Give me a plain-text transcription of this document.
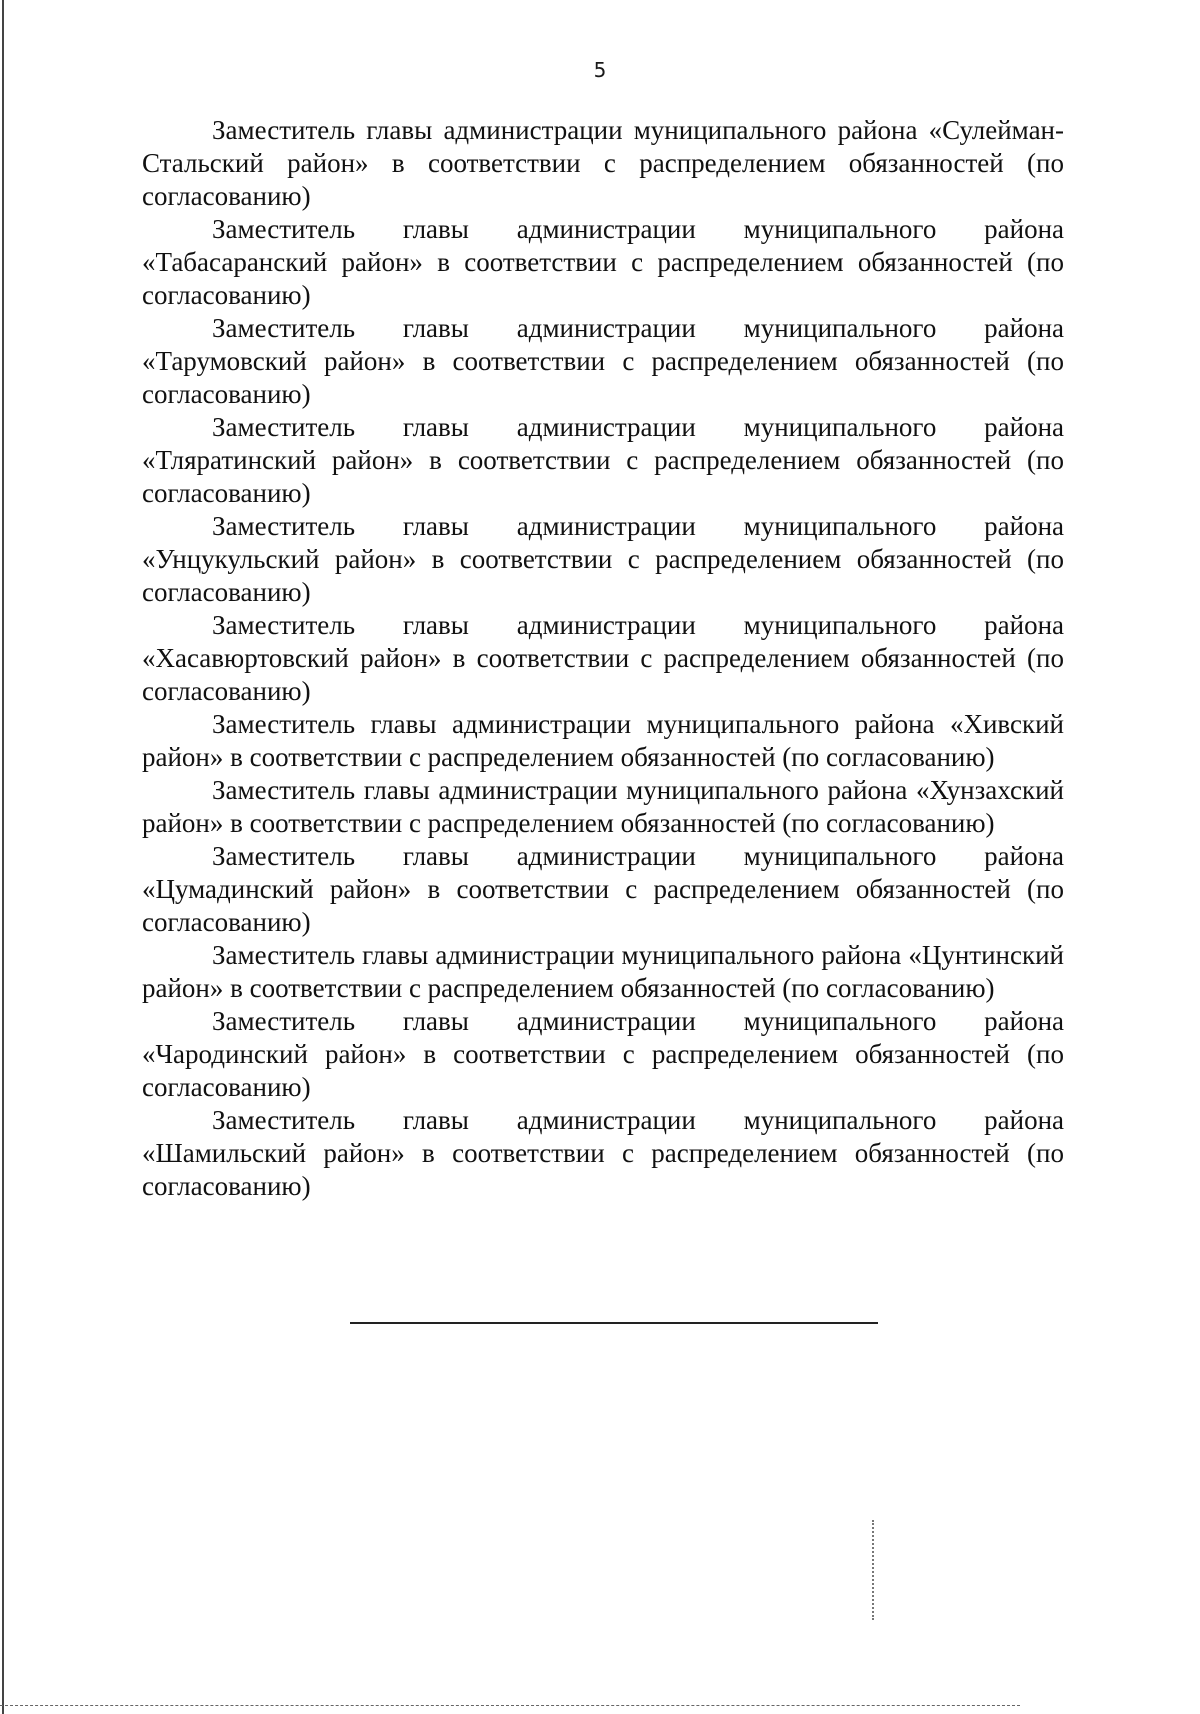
5

Заместитель главы администрации муниципального района «Сулейман-Стальский район» в соответствии с распределением обязанностей (по согласованию)

Заместитель главы администрации муниципального района «Табасаранский район» в соответствии с распределением обязанностей (по согласованию)

Заместитель главы администрации муниципального района «Тарумовский район» в соответствии с распределением обязанностей (по согласованию)

Заместитель главы администрации муниципального района «Тляратинский район» в соответствии с распределением обязанностей (по согласованию)

Заместитель главы администрации муниципального района «Унцукульский район» в соответствии с распределением обязанностей (по согласованию)

Заместитель главы администрации муниципального района «Хасавюртовский район» в соответствии с распределением обязанностей (по согласованию)

Заместитель главы администрации муниципального района «Хивский район» в соответствии с распределением обязанностей (по согласованию)

Заместитель главы администрации муниципального района «Хунзахский район» в соответствии с распределением обязанностей (по согласованию)

Заместитель главы администрации муниципального района «Цумадинский район» в соответствии с распределением обязанностей (по согласованию)

Заместитель главы администрации муниципального района «Цунтинский район» в соответствии с распределением обязанностей (по согласованию)

Заместитель главы администрации муниципального района «Чародинский район» в соответствии с распределением обязанностей (по согласованию)

Заместитель главы администрации муниципального района «Шамильский район» в соответствии с распределением обязанностей (по согласованию)
